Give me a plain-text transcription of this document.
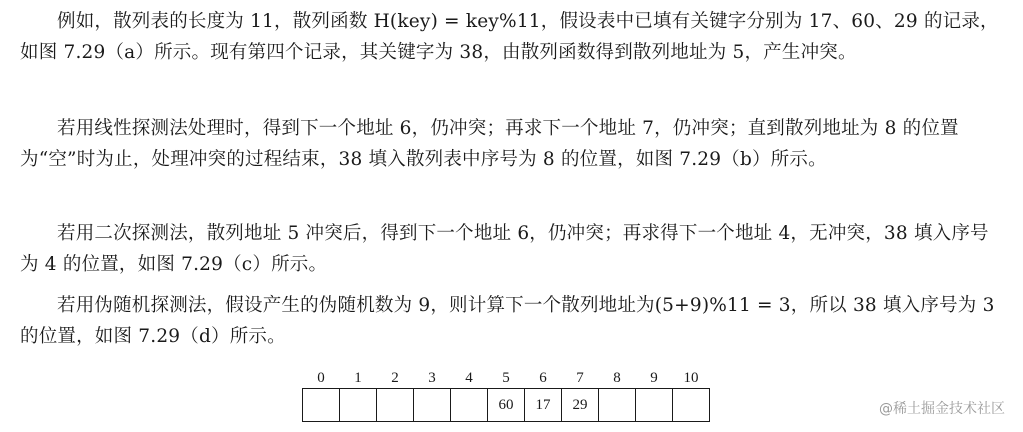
例如，散列表的长度为 11，散列函数 H(key) = key%11，假设表中已填有关键字分别为 17、60、29 的记录，如图 7.29（a）所示。现有第四个记录，其关键字为 38，由散列函数得到散列地址为 5，产生冲突。

若用线性探测法处理时，得到下一个地址 6，仍冲突；再求下一个地址 7，仍冲突；直到散列地址为 8 的位置为“空”时为止，处理冲突的过程结束，38 填入散列表中序号为 8 的位置，如图 7.29（b）所示。

若用二次探测法，散列地址 5 冲突后，得到下一个地址 6，仍冲突；再求得下一个地址 4，无冲突，38 填入序号为 4 的位置，如图 7.29（c）所示。

若用伪随机探测法，假设产生的伪随机数为 9，则计算下一个散列地址为(5+9)%11 = 3，所以 38 填入序号为 3 的位置，如图 7.29（d）所示。

0	1	2	3	4	5	6	7	8	9	10
					60	17	29				@稀土掘金技术社区
